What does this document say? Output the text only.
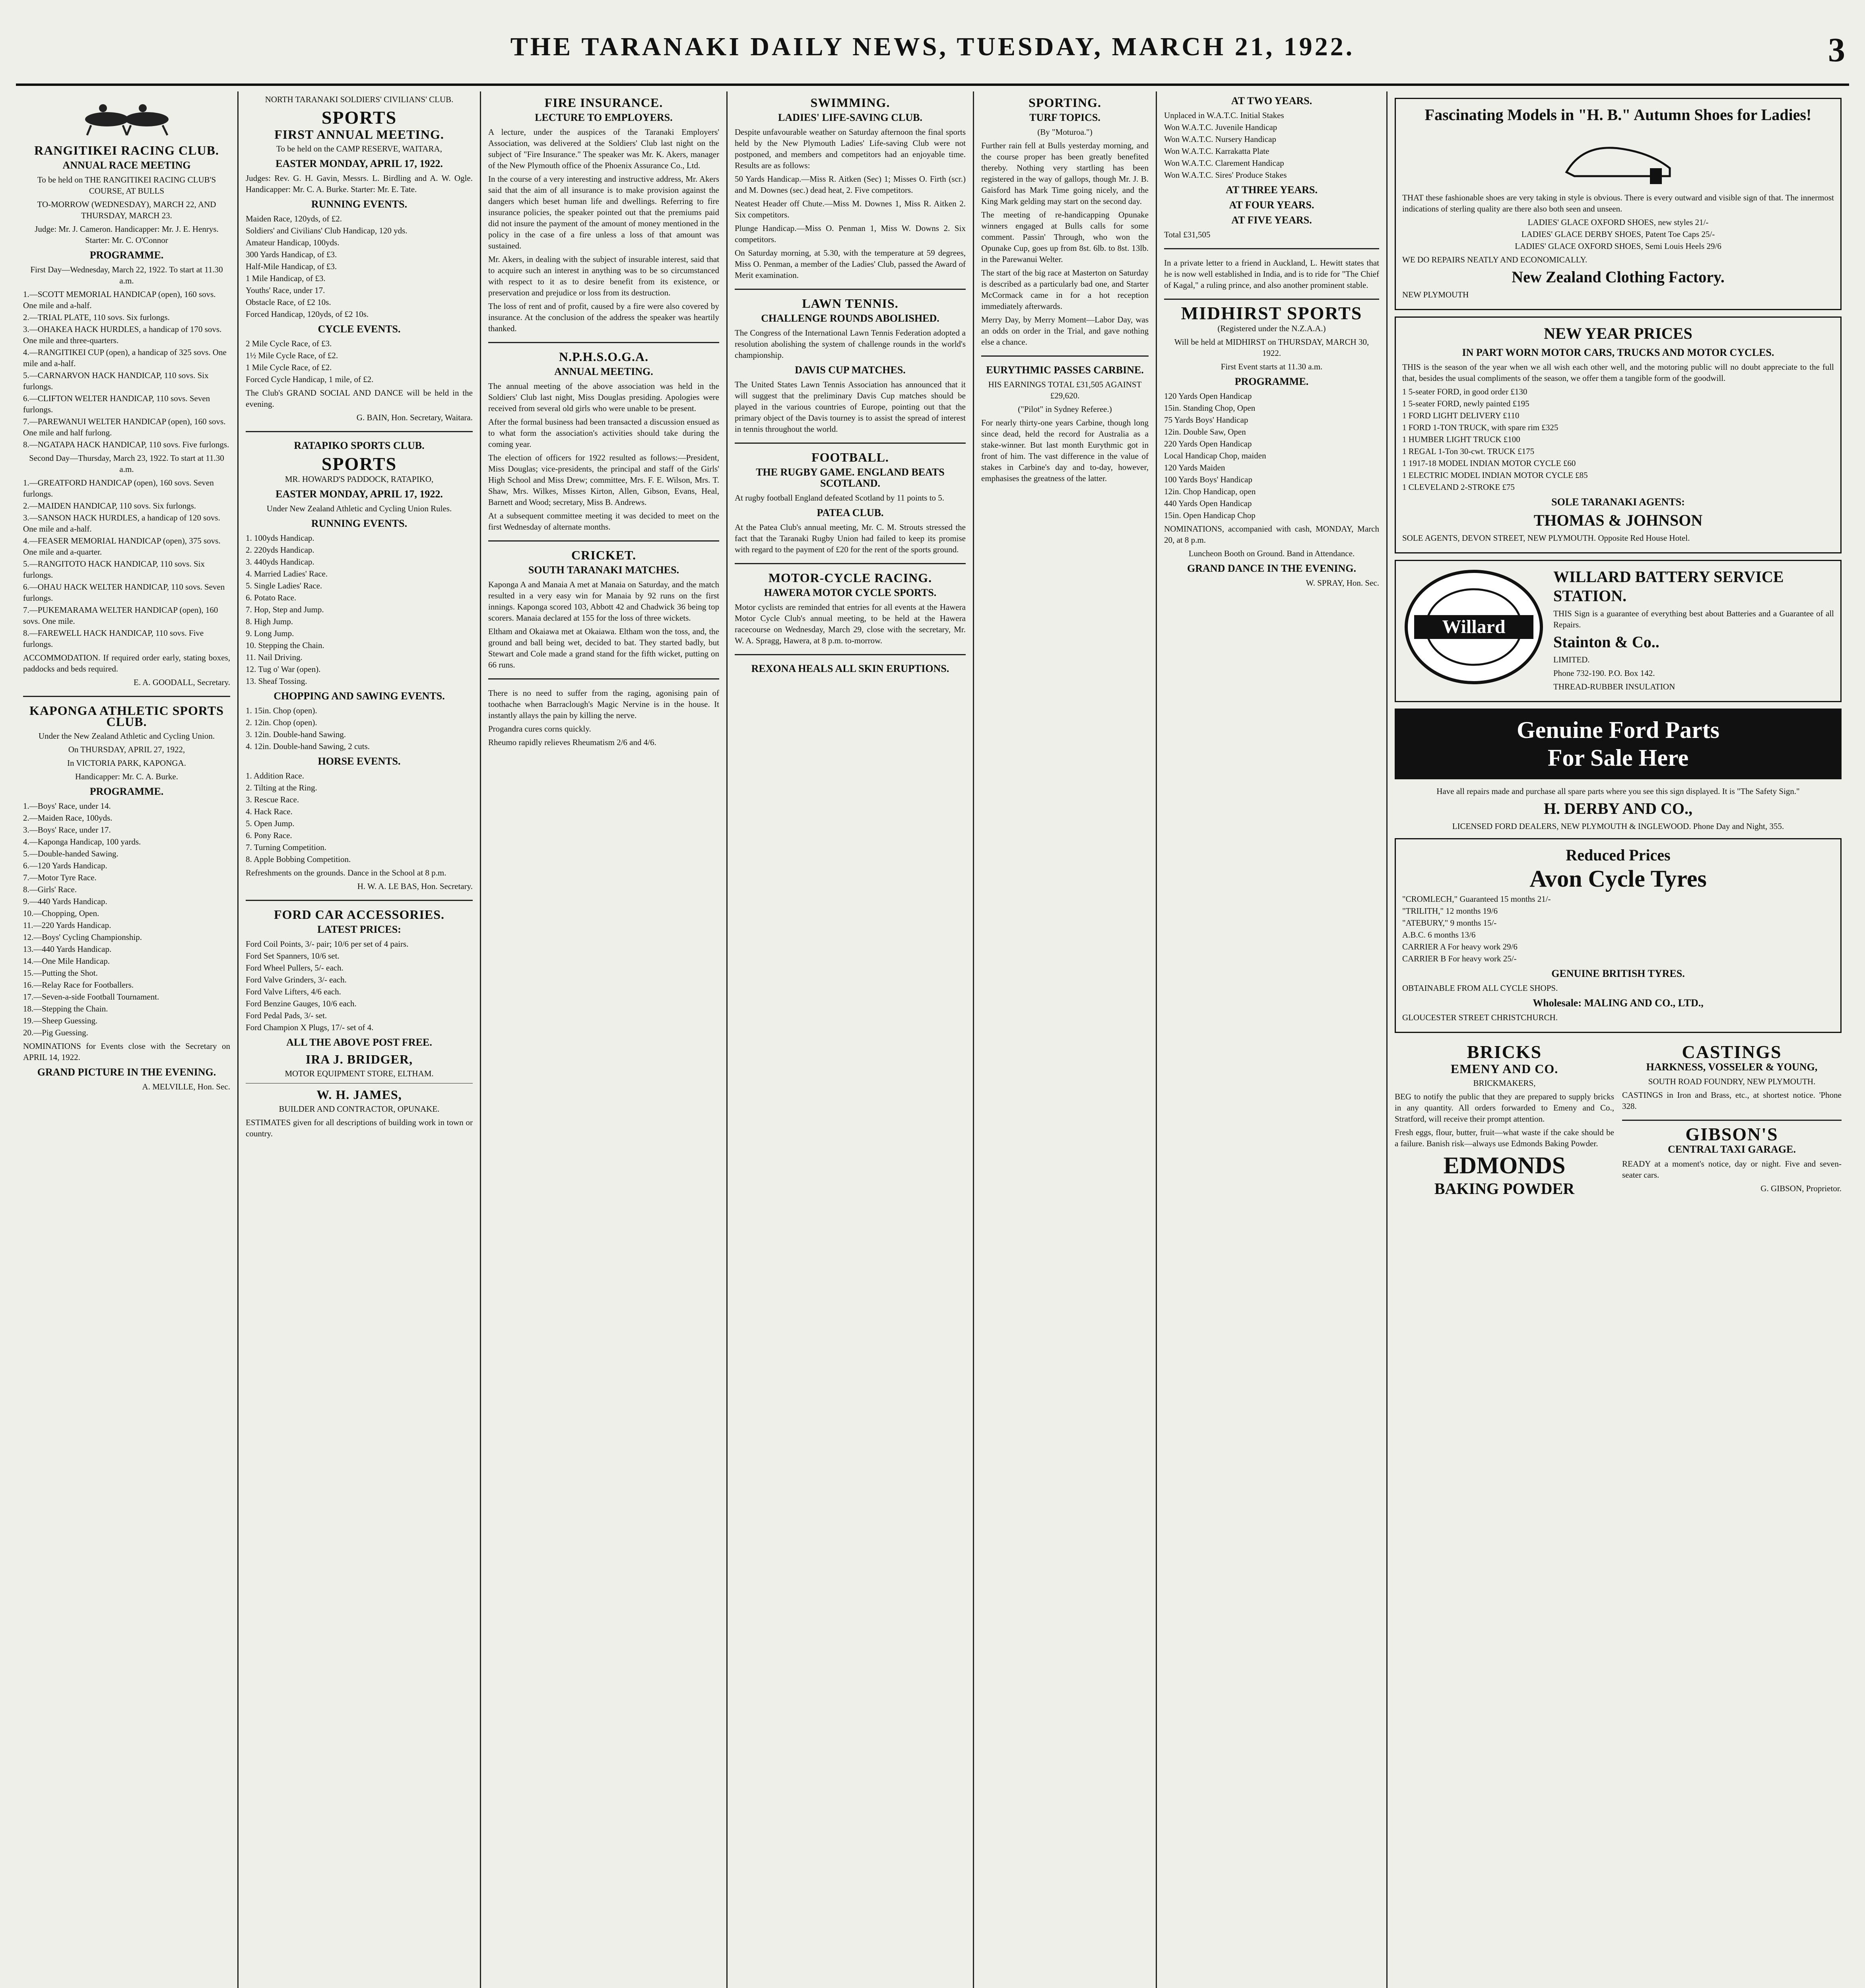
THE TARANAKI DAILY NEWS, TUESDAY, MARCH 21, 1922.	3
RANGITIKEI RACING CLUB.
ANNUAL RACE MEETING

To be held on THE RANGITIKEI RACING CLUB'S COURSE, AT BULLS

TO-MORROW (WEDNESDAY), MARCH 22, AND THURSDAY, MARCH 23.

Judge: Mr. J. Cameron. Handicapper: Mr. J. E. Henrys. Starter: Mr. C. O'Connor

PROGRAMME.

First Day—Wednesday, March 22, 1922. To start at 11.30 a.m.

1.—SCOTT MEMORIAL HANDICAP (open), 160 sovs. One mile and a-half.
2.—TRIAL PLATE, 110 sovs. Six furlongs.
3.—OHAKEA HACK HURDLES, a handicap of 170 sovs. One mile and three-quarters.
4.—RANGITIKEI CUP (open), a handicap of 325 sovs. One mile and a-half.
5.—CARNARVON HACK HANDICAP, 110 sovs. Six furlongs.
6.—CLIFTON WELTER HANDICAP, 110 sovs. Seven furlongs.
7.—PAREWANUI WELTER HANDICAP (open), 160 sovs. One mile and half furlong.
8.—NGATAPA HACK HANDICAP, 110 sovs. Five furlongs.

Second Day—Thursday, March 23, 1922. To start at 11.30 a.m.

1.—GREATFORD HANDICAP (open), 160 sovs. Seven furlongs.
2.—MAIDEN HANDICAP, 110 sovs. Six furlongs.
3.—SANSON HACK HURDLES, a handicap of 120 sovs. One mile and a-half.
4.—FEASER MEMORIAL HANDICAP (open), 375 sovs. One mile and a-quarter.
5.—RANGITOTO HACK HANDICAP, 110 sovs. Six furlongs.
6.—OHAU HACK WELTER HANDICAP, 110 sovs. Seven furlongs.
7.—PUKEMARAMA WELTER HANDICAP (open), 160 sovs. One mile.
8.—FAREWELL HACK HANDICAP, 110 sovs. Five furlongs.

ACCOMMODATION. If required order early, stating boxes, paddocks and beds required.

E. A. GOODALL, Secretary.

KAPONGA ATHLETIC SPORTS CLUB.

Under the New Zealand Athletic and Cycling Union.

On THURSDAY, APRIL 27, 1922,

In VICTORIA PARK, KAPONGA.

Handicapper: Mr. C. A. Burke.

PROGRAMME.
1.—Boys' Race, under 14.
2.—Maiden Race, 100yds.
3.—Boys' Race, under 17.
4.—Kaponga Handicap, 100 yards.
5.—Double-handed Sawing.
6.—120 Yards Handicap.
7.—Motor Tyre Race.
8.—Girls' Race.
9.—440 Yards Handicap.
10.—Chopping, Open.
11.—220 Yards Handicap.
12.—Boys' Cycling Championship.
13.—440 Yards Handicap.
14.—One Mile Handicap.
15.—Putting the Shot.
16.—Relay Race for Footballers.
17.—Seven-a-side Football Tournament.
18.—Stepping the Chain.
19.—Sheep Guessing.
20.—Pig Guessing.

NOMINATIONS for Events close with the Secretary on APRIL 14, 1922.

GRAND PICTURE IN THE EVENING.

A. MELVILLE, Hon. Sec.

NORTH TARANAKI SOLDIERS' CIVILIANS' CLUB.

SPORTS
FIRST ANNUAL MEETING.

To be held on the CAMP RESERVE, WAITARA,

EASTER MONDAY, APRIL 17, 1922.

Judges: Rev. G. H. Gavin, Messrs. L. Birdling and A. W. Ogle. Handicapper: Mr. C. A. Burke. Starter: Mr. E. Tate.

RUNNING EVENTS.
Maiden Race, 120yds, of £2.
Soldiers' and Civilians' Club Handicap, 120 yds.
Amateur Handicap, 100yds.
300 Yards Handicap, of £3.
Half-Mile Handicap, of £3.
1 Mile Handicap, of £3.
Youths' Race, under 17.
Obstacle Race, of £2 10s.
Forced Handicap, 120yds, of £2 10s.
CYCLE EVENTS.
2 Mile Cycle Race, of £3.
1½ Mile Cycle Race, of £2.
1 Mile Cycle Race, of £2.
Forced Cycle Handicap, 1 mile, of £2.

The Club's GRAND SOCIAL AND DANCE will be held in the evening.

G. BAIN, Hon. Secretary, Waitara.

RATAPIKO SPORTS CLUB.
SPORTS

MR. HOWARD'S PADDOCK, RATAPIKO,

EASTER MONDAY, APRIL 17, 1922.

Under New Zealand Athletic and Cycling Union Rules.

RUNNING EVENTS.
1. 100yds Handicap.
2. 220yds Handicap.
3. 440yds Handicap.
4. Married Ladies' Race.
5. Single Ladies' Race.
6. Potato Race.
7. Hop, Step and Jump.
8. High Jump.
9. Long Jump.
10. Stepping the Chain.
11. Nail Driving.
12. Tug o' War (open).
13. Sheaf Tossing.
CHOPPING AND SAWING EVENTS.
1. 15in. Chop (open).
2. 12in. Chop (open).
3. 12in. Double-hand Sawing.
4. 12in. Double-hand Sawing, 2 cuts.
HORSE EVENTS.
1. Addition Race.
2. Tilting at the Ring.
3. Rescue Race.
4. Hack Race.
5. Open Jump.
6. Pony Race.
7. Turning Competition.
8. Apple Bobbing Competition.

Refreshments on the grounds. Dance in the School at 8 p.m.

H. W. A. LE BAS, Hon. Secretary.

FORD CAR ACCESSORIES.
LATEST PRICES:
Ford Coil Points, 3/- pair; 10/6 per set of 4 pairs.
Ford Set Spanners, 10/6 set.
Ford Wheel Pullers, 5/- each.
Ford Valve Grinders, 3/- each.
Ford Valve Lifters, 4/6 each.
Ford Benzine Gauges, 10/6 each.
Ford Pedal Pads, 3/- set.
Ford Champion X Plugs, 17/- set of 4.
ALL THE ABOVE POST FREE.
IRA J. BRIDGER,

MOTOR EQUIPMENT STORE, ELTHAM.

W. H. JAMES,

BUILDER AND CONTRACTOR, OPUNAKE.

ESTIMATES given for all descriptions of building work in town or country.

FIRE INSURANCE.
LECTURE TO EMPLOYERS.

A lecture, under the auspices of the Taranaki Employers' Association, was delivered at the Soldiers' Club last night on the subject of "Fire Insurance." The speaker was Mr. K. Akers, manager of the New Plymouth office of the Phoenix Assurance Co., Ltd.

In the course of a very interesting and instructive address, Mr. Akers said that the aim of all insurance is to make provision against the dangers which beset human life and dwellings. Referring to fire insurance policies, the speaker pointed out that the premiums paid did not insure the payment of the amount of money mentioned in the policy in the case of a fire unless a loss of that amount was sustained.

Mr. Akers, in dealing with the subject of insurable interest, said that to acquire such an interest in anything was to be so circumstanced with respect to it as to desire benefit from its existence, or preservation and prejudice or loss from its destruction.

The loss of rent and of profit, caused by a fire were also covered by insurance. At the conclusion of the address the speaker was heartily thanked.

N.P.H.S.O.G.A.
ANNUAL MEETING.

The annual meeting of the above association was held in the Soldiers' Club last night, Miss Douglas presiding. Apologies were received from several old girls who were unable to be present.

After the formal business had been transacted a discussion ensued as to what form the association's activities should take during the coming year.

The election of officers for 1922 resulted as follows:—President, Miss Douglas; vice-presidents, the principal and staff of the Girls' High School and Miss Drew; committee, Mrs. F. E. Wilson, Mrs. T. Shaw, Mrs. Wilkes, Misses Kirton, Allen, Gibson, Evans, Heal, Barnett and Wood; secretary, Miss B. Andrews.

At a subsequent committee meeting it was decided to meet on the first Wednesday of alternate months.

CRICKET.
SOUTH TARANAKI MATCHES.

Kaponga A and Manaia A met at Manaia on Saturday, and the match resulted in a very easy win for Manaia by 92 runs on the first innings. Kaponga scored 103, Abbott 42 and Chadwick 36 being top scorers. Manaia declared at 155 for the loss of three wickets.

Eltham and Okaiawa met at Okaiawa. Eltham won the toss, and, the ground and ball being wet, decided to bat. They started badly, but Stewart and Cole made a grand stand for the fifth wicket, putting on 66 runs.

There is no need to suffer from the raging, agonising pain of toothache when Barraclough's Magic Nervine is in the house. It instantly allays the pain by killing the nerve.

Progandra cures corns quickly.

Rheumo rapidly relieves Rheumatism 2/6 and 4/6.

SWIMMING.
LADIES' LIFE-SAVING CLUB.

Despite unfavourable weather on Saturday afternoon the final sports held by the New Plymouth Ladies' Life-saving Club were not postponed, and members and competitors had an enjoyable time. Results are as follows:

50 Yards Handicap.—Miss R. Aitken (Sec) 1; Misses O. Firth (scr.) and M. Downes (sec.) dead heat, 2. Five competitors.

Neatest Header off Chute.—Miss M. Downes 1, Miss R. Aitken 2. Six competitors.

Plunge Handicap.—Miss O. Penman 1, Miss W. Downs 2. Six competitors.

On Saturday morning, at 5.30, with the temperature at 59 degrees, Miss O. Penman, a member of the Ladies' Club, passed the Award of Merit examination.

LAWN TENNIS.
CHALLENGE ROUNDS ABOLISHED.

The Congress of the International Lawn Tennis Federation adopted a resolution abolishing the system of challenge rounds in the world's championship.

DAVIS CUP MATCHES.

The United States Lawn Tennis Association has announced that it will suggest that the preliminary Davis Cup matches should be played in the various countries of Europe, pointing out that the primary object of the Davis tourney is to assist the spread of interest in tennis throughout the world.

FOOTBALL.
THE RUGBY GAME. ENGLAND BEATS SCOTLAND.

At rugby football England defeated Scotland by 11 points to 5.

PATEA CLUB.

At the Patea Club's annual meeting, Mr. C. M. Strouts stressed the fact that the Taranaki Rugby Union had failed to keep its promise with regard to the payment of £20 for the rent of the sports ground.

MOTOR-CYCLE RACING.
HAWERA MOTOR CYCLE SPORTS.

Motor cyclists are reminded that entries for all events at the Hawera Motor Cycle Club's annual meeting, to be held at the Hawera racecourse on Wednesday, March 29, close with the secretary, Mr. W. A. Spragg, Hawera, at 8 p.m. to-morrow.

REXONA HEALS ALL SKIN ERUPTIONS.
SPORTING.
TURF TOPICS.

(By "Moturoa.")

Further rain fell at Bulls yesterday morning, and the course proper has been greatly benefited thereby. Nothing very startling has been registered in the way of gallops, though Mr. J. B. Gaisford has Mark Time going nicely, and the King Mark gelding may start on the second day.

The meeting of re-handicapping Opunake winners engaged at Bulls calls for some comment. Passin' Through, who won the Opunake Cup, goes up from 8st. 6lb. to 8st. 13lb. in the Parewanui Welter.

The start of the big race at Masterton on Saturday is described as a particularly bad one, and Starter McCormack came in for a hot reception immediately afterwards.

Merry Day, by Merry Moment—Labor Day, was an odds on order in the Trial, and gave nothing else a chance.

EURYTHMIC PASSES CARBINE.

HIS EARNINGS TOTAL £31,505 AGAINST £29,620.

("Pilot" in Sydney Referee.)

For nearly thirty-one years Carbine, though long since dead, held the record for Australia as a stake-winner. But last month Eurythmic got in front of him. The vast difference in the value of stakes in Carbine's day and to-day, however, emphasises the greatness of the latter.

AT TWO YEARS.
Unplaced in W.A.T.C. Initial Stakes
Won W.A.T.C. Juvenile Handicap
Won W.A.T.C. Nursery Handicap
Won W.A.T.C. Karrakatta Plate
Won W.A.T.C. Clarement Handicap
Won W.A.T.C. Sires' Produce Stakes
AT THREE YEARS.
AT FOUR YEARS.
AT FIVE YEARS.

Total £31,505

In a private letter to a friend in Auckland, L. Hewitt states that he is now well established in India, and is to ride for "The Chief of Kagal," a ruling prince, and also another prominent stable.

MIDHIRST SPORTS

(Registered under the N.Z.A.A.)

Will be held at MIDHIRST on THURSDAY, MARCH 30, 1922.

First Event starts at 11.30 a.m.

PROGRAMME.
120 Yards Open Handicap
15in. Standing Chop, Open
75 Yards Boys' Handicap
12in. Double Saw, Open
220 Yards Open Handicap
Local Handicap Chop, maiden
120 Yards Maiden
100 Yards Boys' Handicap
12in. Chop Handicap, open
440 Yards Open Handicap
15in. Open Handicap Chop

NOMINATIONS, accompanied with cash, MONDAY, March 20, at 8 p.m.

Luncheon Booth on Ground. Band in Attendance.

GRAND DANCE IN THE EVENING.

W. SPRAY, Hon. Sec.

Fascinating Models in "H. B." Autumn Shoes for Ladies!

THAT these fashionable shoes are very taking in style is obvious. There is every outward and visible sign of that. The innermost indications of sterling quality are there also both seen and unseen.

LADIES' GLACE OXFORD SHOES, new styles 21/-
LADIES' GLACE DERBY SHOES, Patent Toe Caps 25/-
LADIES' GLACE OXFORD SHOES, Semi Louis Heels 29/6

WE DO REPAIRS NEATLY AND ECONOMICALLY.

New Zealand Clothing Factory.

NEW PLYMOUTH

NEW YEAR PRICES
IN PART WORN MOTOR CARS, TRUCKS AND MOTOR CYCLES.

THIS is the season of the year when we all wish each other well, and the motoring public will no doubt appreciate to the full that, besides the usual compliments of the season, we offer them a tangible form of the goodwill.

1 5-seater FORD, in good order £130
1 5-seater FORD, newly painted £195
1 FORD LIGHT DELIVERY £110
1 FORD 1-TON TRUCK, with spare rim £325
1 HUMBER LIGHT TRUCK £100
1 REGAL 1-Ton 30-cwt. TRUCK £175
1 1917-18 MODEL INDIAN MOTOR CYCLE £60
1 ELECTRIC MODEL INDIAN MOTOR CYCLE £85
1 CLEVELAND 2-STROKE £75
SOLE TARANAKI AGENTS:
THOMAS & JOHNSON

SOLE AGENTS, DEVON STREET, NEW PLYMOUTH. Opposite Red House Hotel.

Willard
WILLARD BATTERY SERVICE STATION.

THIS Sign is a guarantee of everything best about Batteries and a Guarantee of all Repairs.

Stainton & Co..

LIMITED.

Phone 732-190. P.O. Box 142.

THREAD-RUBBER INSULATION

Genuine Ford Parts
For Sale Here

Have all repairs made and purchase all spare parts where you see this sign displayed. It is "The Safety Sign."

H. DERBY AND CO.,

LICENSED FORD DEALERS, NEW PLYMOUTH & INGLEWOOD. Phone Day and Night, 355.

Reduced Prices
Avon Cycle Tyres
"CROMLECH," Guaranteed 15 months 21/-
"TRILITH," 12 months 19/6
"ATEBURY," 9 months 15/-
A.B.C. 6 months 13/6
CARRIER A For heavy work 29/6
CARRIER B For heavy work 25/-
GENUINE BRITISH TYRES.

OBTAINABLE FROM ALL CYCLE SHOPS.

Wholesale: MALING AND CO., LTD.,

GLOUCESTER STREET CHRISTCHURCH.

BRICKS
EMENY AND CO.

BRICKMAKERS,

BEG to notify the public that they are prepared to supply bricks in any quantity. All orders forwarded to Emeny and Co., Stratford, will receive their prompt attention.

Fresh eggs, flour, butter, fruit—what waste if the cake should be a failure. Banish risk—always use Edmonds Baking Powder.

EDMONDS
BAKING POWDER
CASTINGS
HARKNESS, VOSSELER & YOUNG,

SOUTH ROAD FOUNDRY, NEW PLYMOUTH.

CASTINGS in Iron and Brass, etc., at shortest notice. 'Phone 328.

GIBSON'S
CENTRAL TAXI GARAGE.

READY at a moment's notice, day or night. Five and seven-seater cars.

G. GIBSON, Proprietor.
